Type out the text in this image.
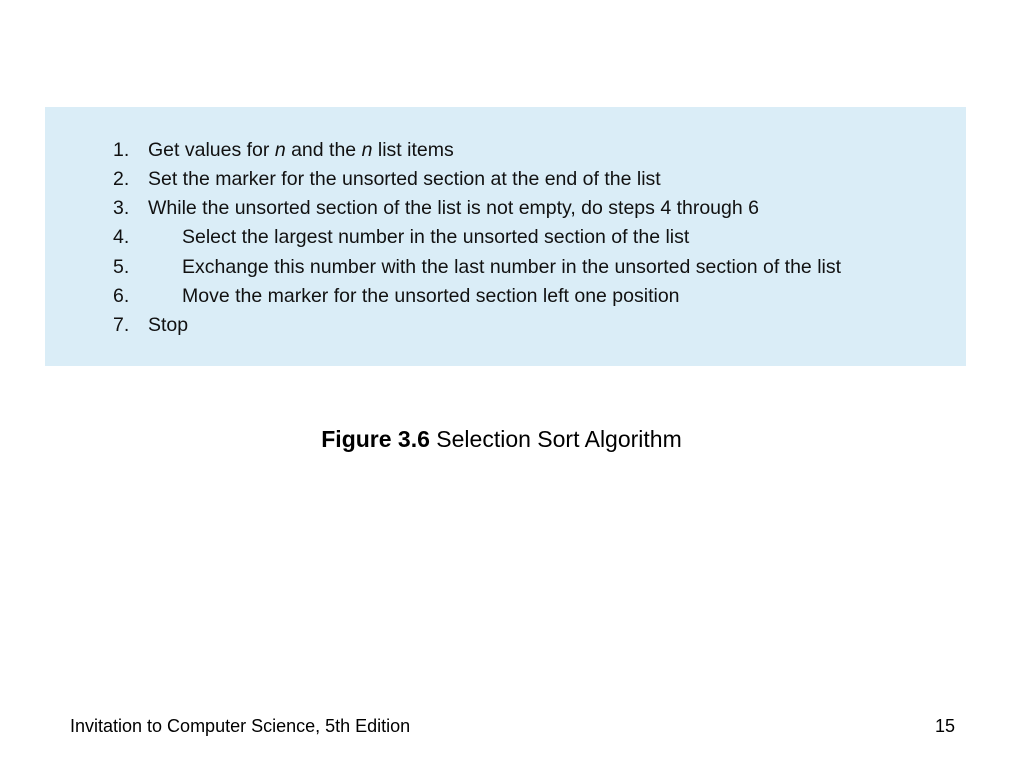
1. Get values for n and the n list items
2. Set the marker for the unsorted section at the end of the list
3. While the unsorted section of the list is not empty, do steps 4 through 6
4.	Select the largest number in the unsorted section of the list
5.	Exchange this number with the last number in the unsorted section of the list
6.	Move the marker for the unsorted section left one position
7. Stop
Figure 3.6 Selection Sort Algorithm
Invitation to Computer Science, 5th Edition	15
